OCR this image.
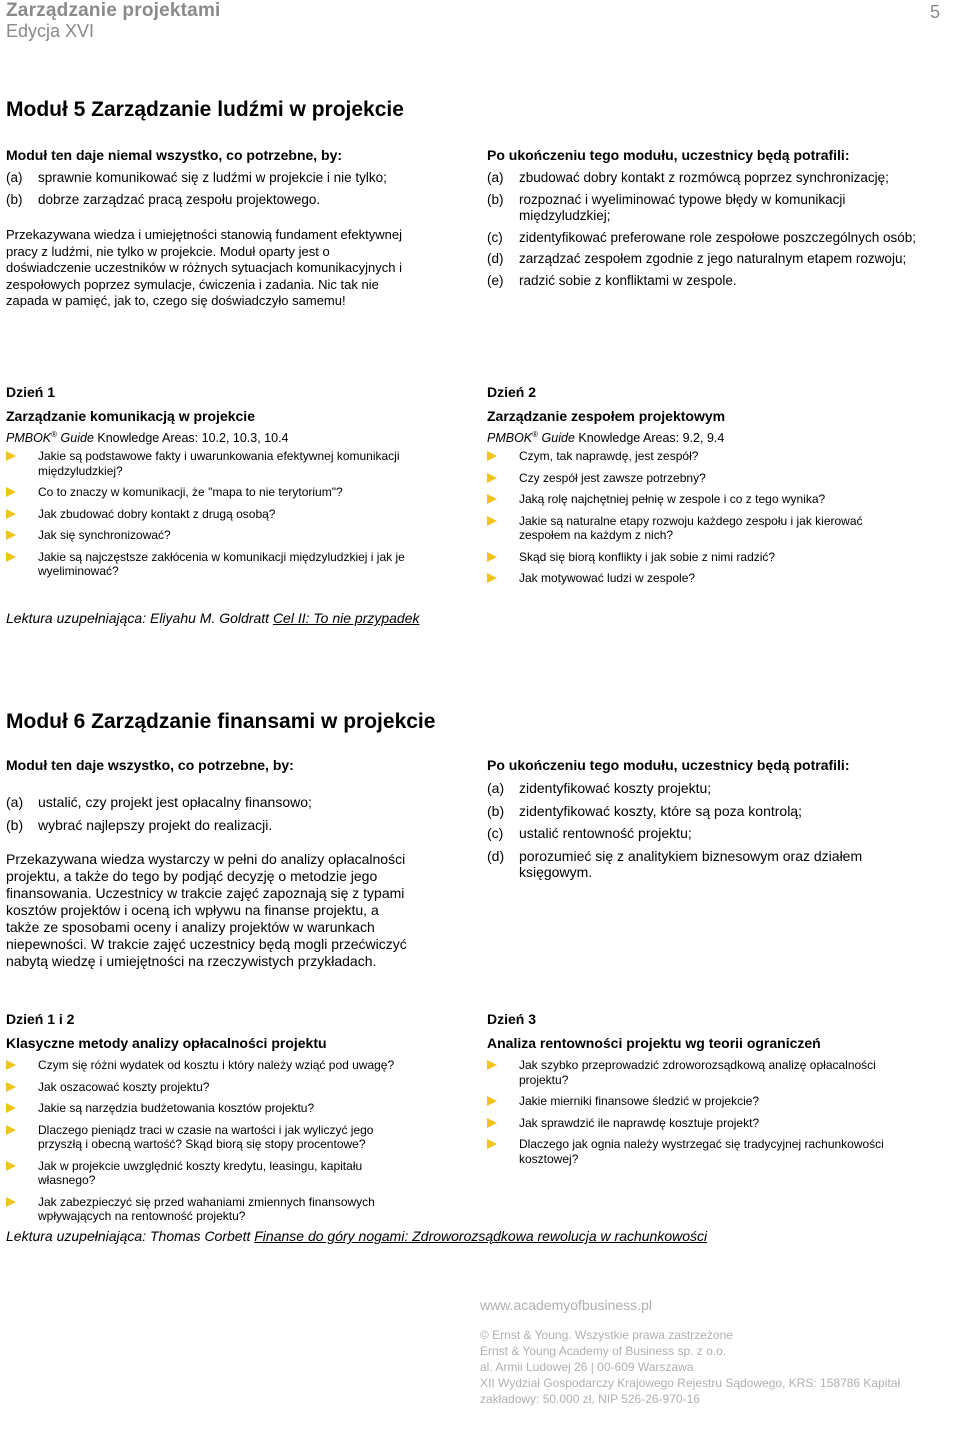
Zarządzanie projektami
Edycja XVI
5
Moduł 5 Zarządzanie ludźmi w projekcie

Moduł ten daje niemal wszystko, co potrzebne, by:

(a) sprawnie komunikować się z ludźmi w projekcie i nie tylko;
(b) dobrze zarządzać pracą zespołu projektowego.

Przekazywana wiedza i umiejętności stanowią fundament efektywnej pracy z ludźmi, nie tylko w projekcie. Moduł oparty jest o doświadczenie uczestników w różnych sytuacjach komunikacyjnych i zespołowych poprzez symulacje, ćwiczenia i zadania. Nic tak nie zapada w pamięć, jak to, czego się doświadczyło samemu!

Po ukończeniu tego modułu, uczestnicy będą potrafili:

(a) zbudować dobry kontakt z rozmówcą poprzez synchronizację;
(b) rozpoznać i wyeliminować typowe błędy w komunikacji międzyludzkiej;
(c) zidentyfikować preferowane role zespołowe poszczególnych osób;
(d) zarządzać zespołem zgodnie z jego naturalnym etapem rozwoju;
(e) radzić sobie z konfliktami w zespole.

Dzień 1

Zarządzanie komunikacją w projekcie

PMBOK® Guide Knowledge Areas: 10.2, 10.3, 10.4

Jakie są podstawowe fakty i uwarunkowania efektywnej komunikacji międzyludzkiej?
Co to znaczy w komunikacji, że "mapa to nie terytorium"?
Jak zbudować dobry kontakt z drugą osobą?
Jak się synchronizować?
Jakie są najczęstsze zakłócenia w komunikacji międzyludzkiej i jak je wyeliminować?

Dzień 2

Zarządzanie zespołem projektowym

PMBOK® Guide Knowledge Areas: 9.2, 9.4

Czym, tak naprawdę, jest zespół?
Czy zespół jest zawsze potrzebny?
Jaką rolę najchętniej pełnię w zespole i co z tego wynika?
Jakie są naturalne etapy rozwoju każdego zespołu i jak kierować zespołem na każdym z nich?
Skąd się biorą konflikty i jak sobie z nimi radzić?
Jak motywować ludzi w zespole?
Lektura uzupełniająca: Eliyahu M. Goldratt Cel II: To nie przypadek
Moduł 6 Zarządzanie finansami w projekcie

Moduł ten daje wszystko, co potrzebne, by:

(a) ustalić, czy projekt jest opłacalny finansowo;
(b) wybrać najlepszy projekt do realizacji.

Przekazywana wiedza wystarczy w pełni do analizy opłacalności projektu, a także do tego by podjąć decyzję o metodzie jego finansowania. Uczestnicy w trakcie zajęć zapoznają się z typami kosztów projektów i oceną ich wpływu na finanse projektu, a także ze sposobami oceny i analizy projektów w warunkach niepewności. W trakcie zajęć uczestnicy będą mogli przećwiczyć nabytą wiedzę i umiejętności na rzeczywistych przykładach.

Po ukończeniu tego modułu, uczestnicy będą potrafili:

(a) zidentyfikować koszty projektu;
(b) zidentyfikować koszty, które są poza kontrolą;
(c) ustalić rentowność projektu;
(d) porozumieć się z analitykiem biznesowym oraz działem księgowym.

Dzień 1 i 2

Klasyczne metody analizy opłacalności projektu

Czym się różni wydatek od kosztu i który należy wziąć pod uwagę?
Jak oszacować koszty projektu?
Jakie są narzędzia budżetowania kosztów projektu?
Dlaczego pieniądz traci w czasie na wartości i jak wyliczyć jego przyszłą i obecną wartość? Skąd biorą się stopy procentowe?
Jak w projekcie uwzględnić koszty kredytu, leasingu, kapitału własnego?
Jak zabezpieczyć się przed wahaniami zmiennych finansowych wpływających na rentowność projektu?

Dzień 3

Analiza rentowności projektu wg teorii ograniczeń

Jak szybko przeprowadzić zdroworozsądkową analizę opłacalności projektu?
Jakie mierniki finansowe śledzić w projekcie?
Jak sprawdzić ile naprawdę kosztuje projekt?
Dlaczego jak ognia należy wystrzegać się tradycyjnej rachunkowości kosztowej?
Lektura uzupełniająca: Thomas Corbett Finanse do góry nogami: Zdroworozsądkowa rewolucja w rachunkowości
www.academyofbusiness.pl
© Ernst & Young. Wszystkie prawa zastrzeżone
Ernst & Young Academy of Business sp. z o.o.
al. Armii Ludowej 26 | 00-609 Warszawa
XII Wydział Gospodarczy Krajowego Rejestru Sądowego, KRS: 158786 Kapitał zakładowy: 50.000 zł, NIP 526-26-970-16
